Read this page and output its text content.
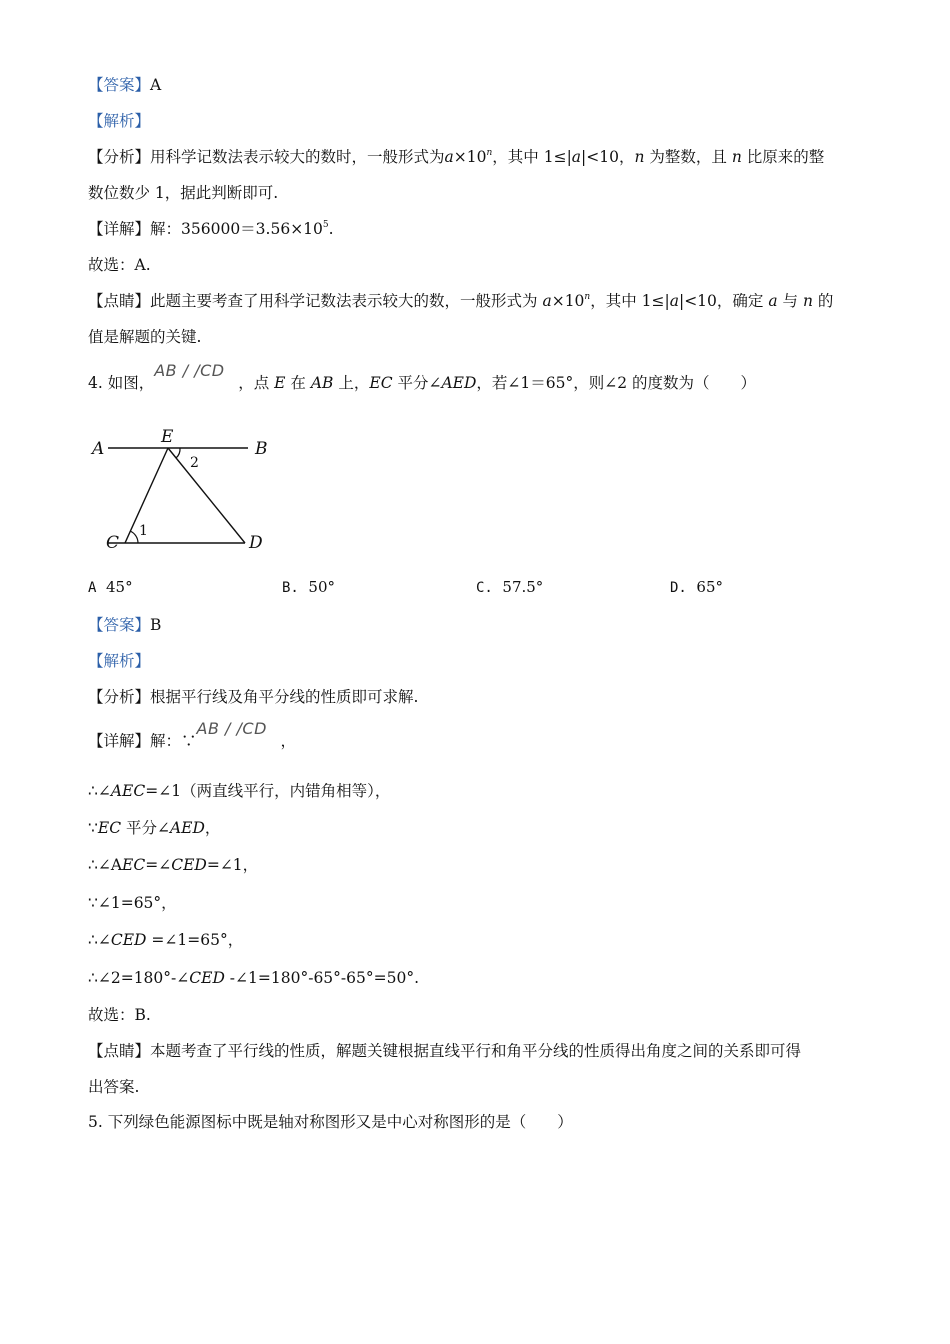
【答案】A
【解析】
【分析】用科学记数法表示较大的数时，一般形式为$a\times 10^n$，其中 1≤|a|<10，n 为整数，且 n 比原来的整
数位数少 1，据此判断即可.
【详解】解：$356000=3.56\times 10^5$.
故选：A.
【点睛】此题主要考查了用科学记数法表示较大的数，一般形式为 $a\times 10^n$，其中 1≤|a|<10，确定 a 与 n 的
值是解题的关键.
4. 如图，AB / /CD，点 E 在 AB 上，EC 平分∠AED，若∠1＝65°，则∠2 的度数为（　　）
A
E
B
C	D
1
2
A 45°	B. 50°	C. 57.5°	D. 65°
【答案】B
【解析】
【分析】根据平行线及角平分线的性质即可求解.
【详解】解：∵AB / /CD，
∴∠AEC=∠1（两直线平行，内错角相等），
∵EC 平分∠AED，
∴∠AEC=∠CED=∠1，
∵∠1=65°，
∴∠CED =∠1=65°，
∴∠2=180°-∠CED -∠1=180°-65°-65°=50°.
故选：B.
【点睛】本题考查了平行线的性质，解题关键根据直线平行和角平分线的性质得出角度之间的关系即可得
出答案.
5. 下列绿色能源图标中既是轴对称图形又是中心对称图形的是（　　）
